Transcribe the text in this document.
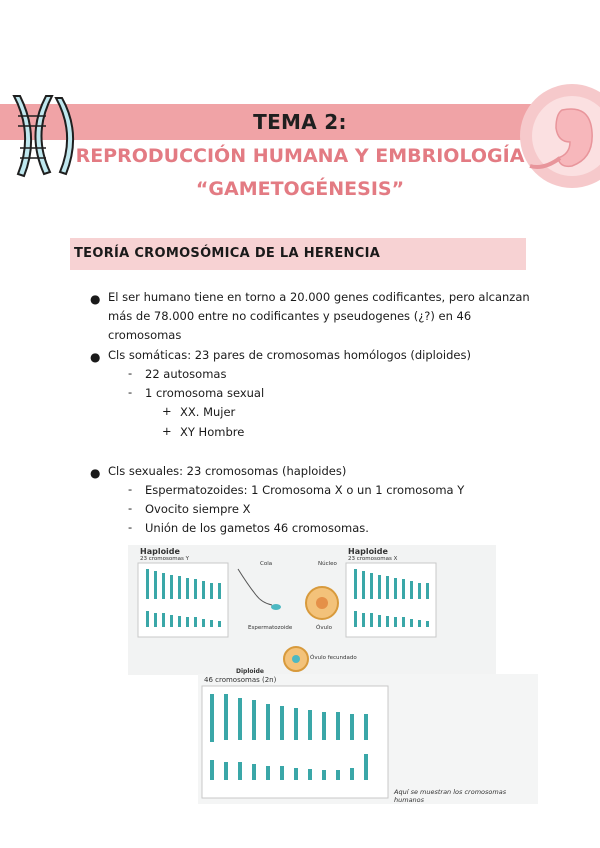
TEMA 2:
REPRODUCCIÓN HUMANA Y EMBRIOLOGÍA
“GAMETOGÉNESIS”
TEORÍA CROMOSÓMICA DE LA HERENCIA
● El ser humano tiene en torno a 20.000 genes codificantes, pero alcanzan
más de 78.000 entre no codificantes y pseudogenes (¿?) en 46
cromosomas
● Cls somáticas: 23 pares de cromosomas homólogos (diploides)
- 22 autosomas
- 1 cromosoma sexual
+ XX. Mujer
+ XY Hombre
● Cls sexuales: 23 cromosomas (haploides)
- Espermatozoides: 1 Cromosoma X o un 1 cromosoma Y
- Ovocito siempre X
- Unión de los gametos 46 cromosomas.
Haploide
23 cromosomas Y
Haploide
23 cromosomas X
Cola	Núcleo
Espermatozoide	Óvulo
Óvulo fecundado
Diploide
46 cromosomas (2n)
Aquí se muestran los cromosomas humanos
